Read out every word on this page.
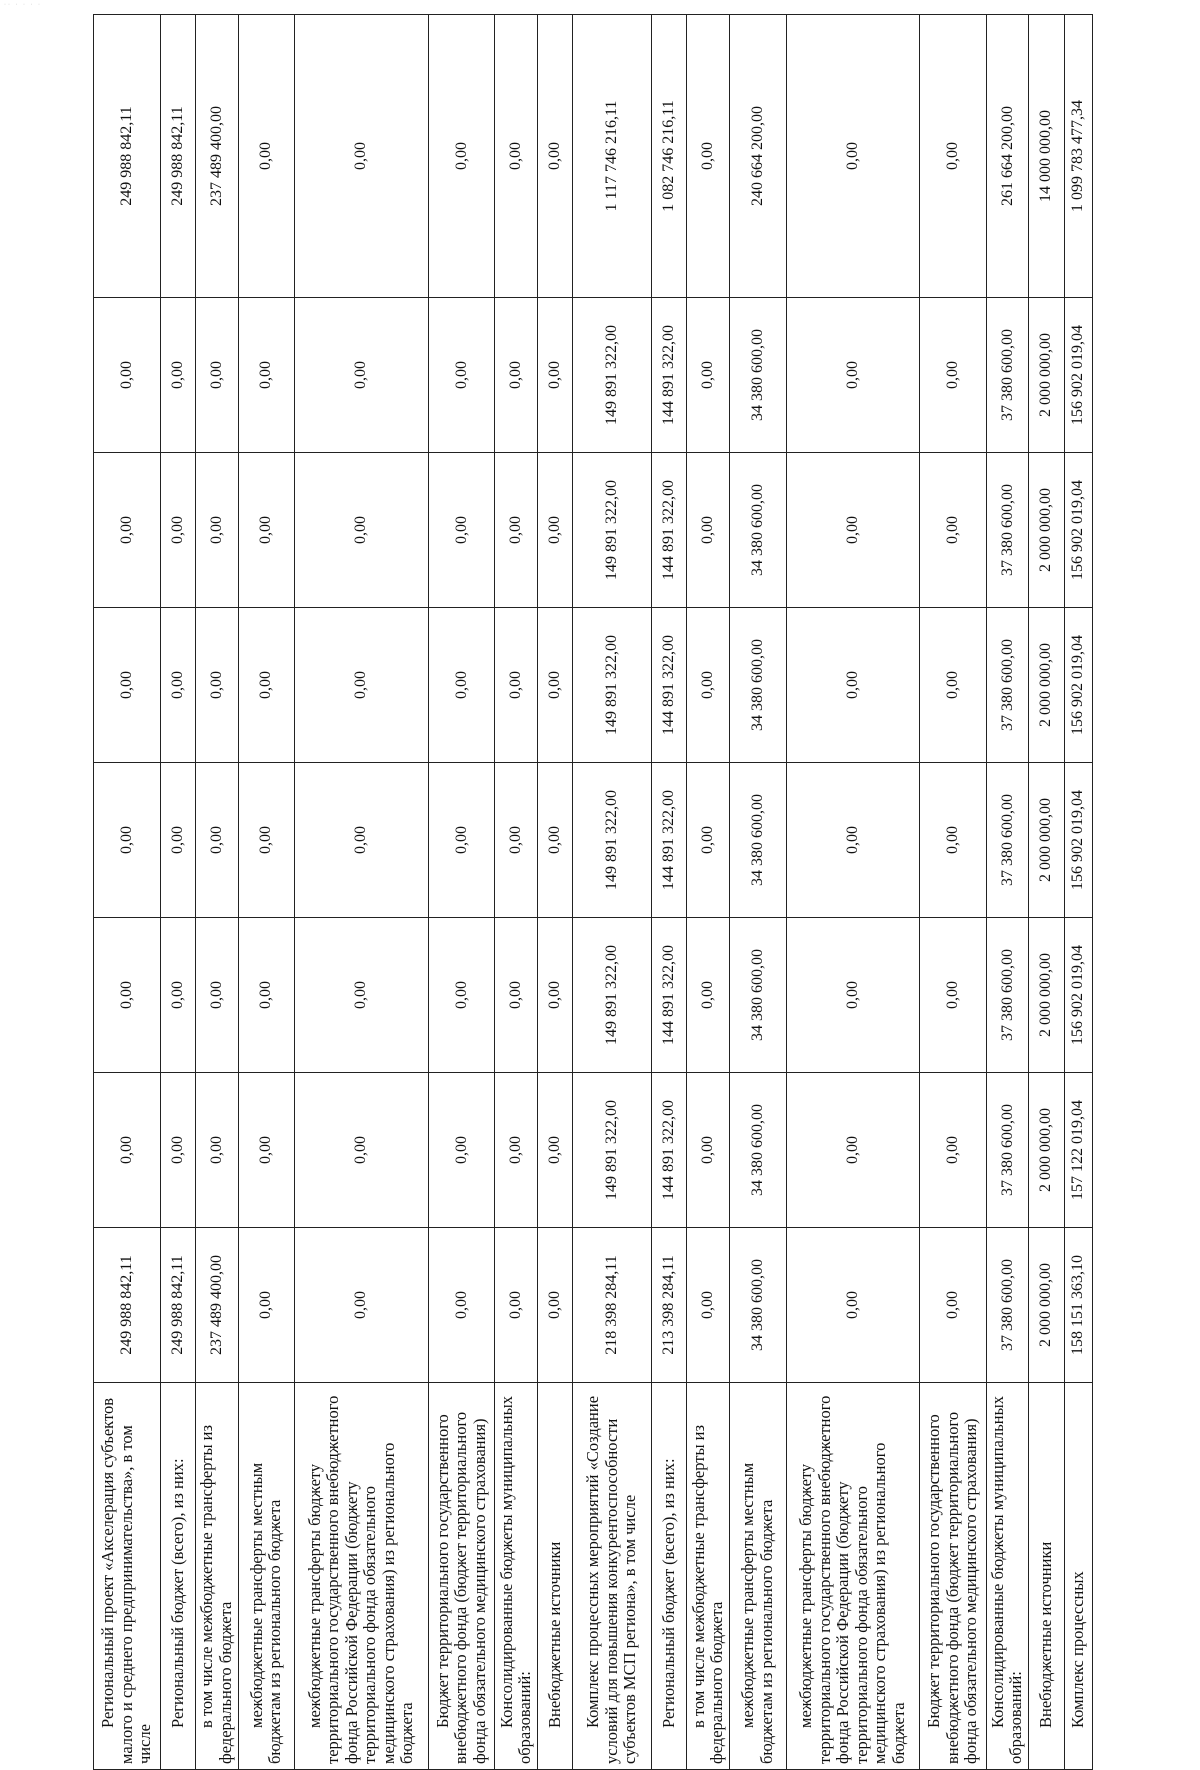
·· · · · ·
Региональный проект «Акселерация субъектов малого и среднего предпринимательства», в том числе	249 988 842,11	0,00	0,00	0,00	0,00	0,00	0,00	249 988 842,11
Региональный бюджет (всего), из них:	249 988 842,11	0,00	0,00	0,00	0,00	0,00	0,00	249 988 842,11
в том числе межбюджетные трансферты из федерального бюджета	237 489 400,00	0,00	0,00	0,00	0,00	0,00	0,00	237 489 400,00
межбюджетные трансферты местным бюджетам из регионального бюджета	0,00	0,00	0,00	0,00	0,00	0,00	0,00	0,00
межбюджетные трансферты бюджету территориального государственного внебюджетного фонда Российской Федерации (бюджету территориального фонда обязательного медицинского страхования) из регионального бюджета	0,00	0,00	0,00	0,00	0,00	0,00	0,00	0,00
Бюджет территориального государственного внебюджетного фонда (бюджет территориального фонда обязательного медицинского страхования)	0,00	0,00	0,00	0,00	0,00	0,00	0,00	0,00
Консолидированные бюджеты муниципальных образований:	0,00	0,00	0,00	0,00	0,00	0,00	0,00	0,00
Внебюджетные источники	0,00	0,00	0,00	0,00	0,00	0,00	0,00	0,00
Комплекс процессных мероприятий «Создание условий для повышения конкурентоспособности субъектов МСП региона», в том числе	218 398 284,11	149 891 322,00	149 891 322,00	149 891 322,00	149 891 322,00	149 891 322,00	149 891 322,00	1 117 746 216,11
Региональный бюджет (всего), из них:	213 398 284,11	144 891 322,00	144 891 322,00	144 891 322,00	144 891 322,00	144 891 322,00	144 891 322,00	1 082 746 216,11
в том числе межбюджетные трансферты из федерального бюджета	0,00	0,00	0,00	0,00	0,00	0,00	0,00	0,00
межбюджетные трансферты местным бюджетам из регионального бюджета	34 380 600,00	34 380 600,00	34 380 600,00	34 380 600,00	34 380 600,00	34 380 600,00	34 380 600,00	240 664 200,00
межбюджетные трансферты бюджету территориального государственного внебюджетного фонда Российской Федерации (бюджету территориального фонда обязательного медицинского страхования) из регионального бюджета	0,00	0,00	0,00	0,00	0,00	0,00	0,00	0,00
Бюджет территориального государственного внебюджетного фонда (бюджет территориального фонда обязательного медицинского страхования)	0,00	0,00	0,00	0,00	0,00	0,00	0,00	0,00
Консолидированные бюджеты муниципальных образований:	37 380 600,00	37 380 600,00	37 380 600,00	37 380 600,00	37 380 600,00	37 380 600,00	37 380 600,00	261 664 200,00
Внебюджетные источники	2 000 000,00	2 000 000,00	2 000 000,00	2 000 000,00	2 000 000,00	2 000 000,00	2 000 000,00	14 000 000,00
Комплекс процессных	158 151 363,10	157 122 019,04	156 902 019,04	156 902 019,04	156 902 019,04	156 902 019,04	156 902 019,04	1 099 783 477,34
